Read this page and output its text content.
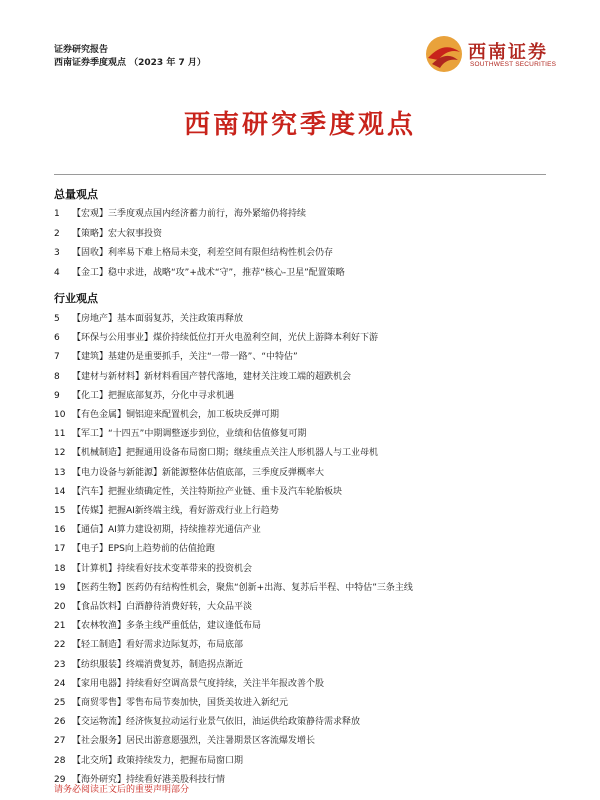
证券研究报告
西南证券季度观点 （2023 年 7 月）	西南证券
SOUTHWEST SECURITIES
西南研究季度观点
总量观点
1 【宏观】三季度观点国内经济蓄力前行，海外紧缩仍将持续
2 【策略】宏大叙事投资
3 【固收】利率易下难上格局未变，利差空间有限但结构性机会仍存
4 【金工】稳中求进，战略“攻”+战术“守”，推荐“核心-卫星”配置策略
行业观点
5 【房地产】基本面弱复苏，关注政策再释放
6 【环保与公用事业】煤价持续低位打开火电盈利空间，光伏上游降本利好下游
7 【建筑】基建仍是重要抓手，关注“一带一路”、“中特估”
8 【建材与新材料】新材料看国产替代落地，建材关注竣工端的超跌机会
9 【化工】把握底部复苏，分化中寻求机遇
10 【有色金属】铜铝迎来配置机会，加工板块反弹可期
11 【军工】“十四五”中期调整逐步到位，业绩和估值修复可期
12 【机械制造】把握通用设备布局窗口期；继续重点关注人形机器人与工业母机
13 【电力设备与新能源】新能源整体估值底部，三季度反弹概率大
14 【汽车】把握业绩确定性，关注特斯拉产业链、重卡及汽车轮胎板块
15 【传媒】把握AI新终端主线，看好游戏行业上行趋势
16 【通信】AI算力建设初期，持续推荐光通信产业
17 【电子】EPS向上趋势前的估值抢跑
18 【计算机】持续看好技术变革带来的投资机会
19 【医药生物】医药仍有结构性机会，聚焦“创新+出海、复苏后半程、中特估”三条主线
20 【食品饮料】白酒静待消费好转，大众品平淡
21 【农林牧渔】多条主线严重低估，建议逢低布局
22 【轻工制造】看好需求边际复苏，布局底部
23 【纺织服装】终端消费复苏，制造拐点渐近
24 【家用电器】持续看好空调高景气度持续，关注半年报改善个股
25 【商贸零售】零售布局节奏加快，国货美妆进入新纪元
26 【交运物流】经济恢复拉动运行业景气依旧，油运供给政策静待需求释放
27 【社会服务】居民出游意愿强烈，关注暑期景区客流爆发增长
28 【北交所】政策持续发力，把握布局窗口期
29 【海外研究】持续看好港美股科技行情
请务必阅读正文后的重要声明部分
